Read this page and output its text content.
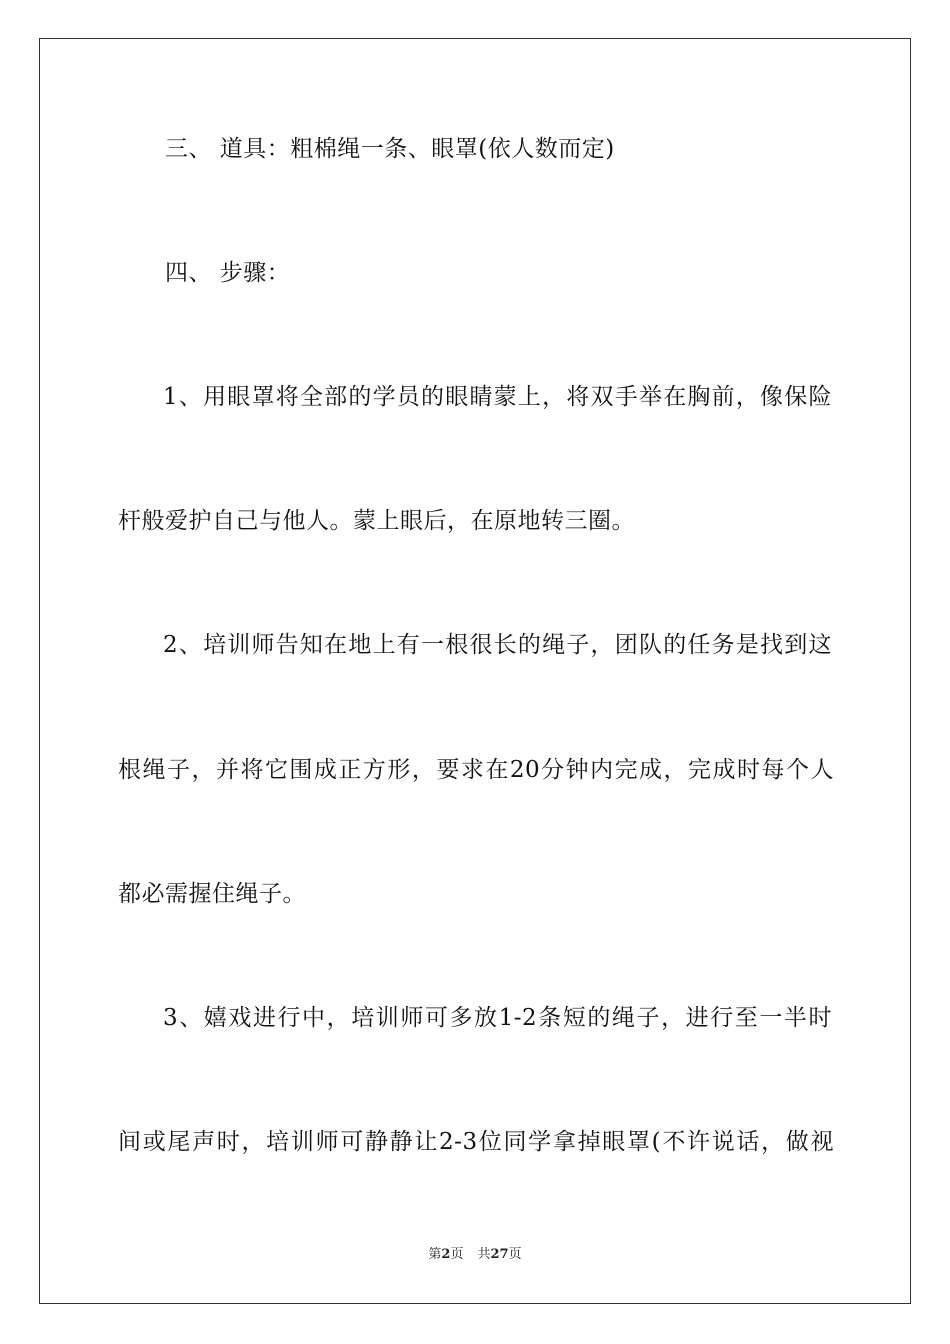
三、 道具：粗棉绳一条、眼罩(依人数而定)
四、 步骤：
1、用眼罩将全部的学员的眼睛蒙上，将双手举在胸前，像保险
杆般爱护自己与他人。蒙上眼后，在原地转三圈。
2、培训师告知在地上有一根很长的绳子，团队的任务是找到这
根绳子，并将它围成正方形，要求在20分钟内完成，完成时每个人
都必需握住绳子。
3、嬉戏进行中，培训师可多放1-2条短的绳子，进行至一半时
间或尾声时，培训师可静静让2-3位同学拿掉眼罩(不许说话，做视
第2页 共27页
